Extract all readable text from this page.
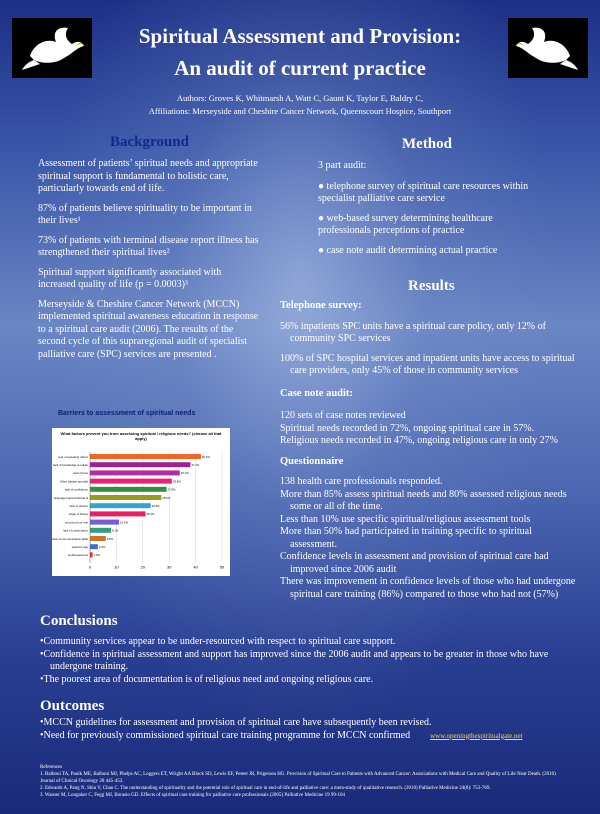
Spiritual Assessment and Provision:
An audit of current practice
Authors: Groves K, Whitmarsh A, Watt C, Gaunt K, Taylor E, Baldry C,
Affiliations: Merseyside and Cheshire Cancer Network, Queenscourt Hospice, Southport
Background

Assessment of patients’ spiritual needs and appropriate spiritual support is fundamental to holistic care, particularly towards end of life.

87% of patients believe spirituality to be important in their lives¹

73% of patients with terminal disease report illness has strengthened their spiritual lives²

Spiritual support significantly associated with increased quality of life (p = 0.0003)³

Merseyside & Cheshire Cancer Network (MCCN) implemented spiritual awareness education in response to a spiritual care audit (2006). The results of the second cycle of this supraregional audit of specialist palliative care (SPC) services are presented .

Barriers to assessment of spiritual needs
What factors prevent you from assessing spiritual / religious needs? (choose all that apply)
0	10	20	30	40	50
fear of upsetting others	40.3%
lack of knowledge re religio	37.1%
lack of time	33.1%
Other (please specify)	29.8%
lack of confidence	27.8%
language barrier/cultural di	26.6%
lack of privacy	22.6%
stage of illness	20.2%
not part of my role	10.5%
lack of continuation	8.1%
lack of communication skills	6.5%
patient's age	2.4%
embarrassment 1.6%
Method

3 part audit:

● telephone survey of spiritual care resources within specialist palliative care service

● web-based survey determining healthcare professionals perceptions of practice

● case note audit determining actual practice

Results
Telephone survey:

56% inpatients SPC units have a spiritual care policy, only 12% of community SPC services

100% of SPC hospital services and inpatient units have access to spiritual care providers, only 45% of those in community services

Case note audit:
120 sets of case notes reviewed
Spiritual needs recorded in 72%, ongoing spiritual care in 57%.
Religious needs recorded in 47%, ongoing religious care in only 27%
Questionnaire
138 health care professionals responded.
More than 85% assess spiritual needs and 80% assessed religious needs some or all of the time.
Less than 10% use specific spiritual/religious assessment tools
More than 50% had participated in training specific to spiritual assessment.
Confidence levels in assessment and provision of spiritual care had improved since 2006 audit
There was improvement in confidence levels of those who had undergone spiritual care training (86%) compared to those who had not (57%)
Conclusions
•Community services appear to be under-resourced with respect to spiritual care support.
•Confidence in spiritual assessment and support has improved since the 2006 audit and appears to be greater in those who have undergone training.
•The poorest area of documentation is of religious need and ongoing religious care.
Outcomes
•MCCN guidelines for assessment and provision of spiritual care have subsequently been revised.
•Need for previously commissioned spiritual care training programme for MCCN confirmed	www.openingthespiritualgate.net
References
1. Balboni TA, Paulk ME, Balboni MJ, Phelps AC, Loggers ET, Wright AA Block SD, Lewis EF, Peteet JR, Prigerson HG. Provision of Spiritual Care to Patients with Advanced Cancer: Associations with Medical Care and Quality of Life Near Death. (2010) Journal of Clinical Oncology 28 445-452.
2. Edwards A, Pang N, Shiu V, Chan C. The understanding of spirituality and the potential role of spiritual care in end-of-life and palliative care: a meta-study of qualitative research. (2010) Palliative Medicine 24(8): 753-769.
3. Wasner M, Longaker C, Fegg MJ, Borasio GD. Effects of spiritual care training for palliative care professionals (2005) Palliative Medicine 19 99-104
